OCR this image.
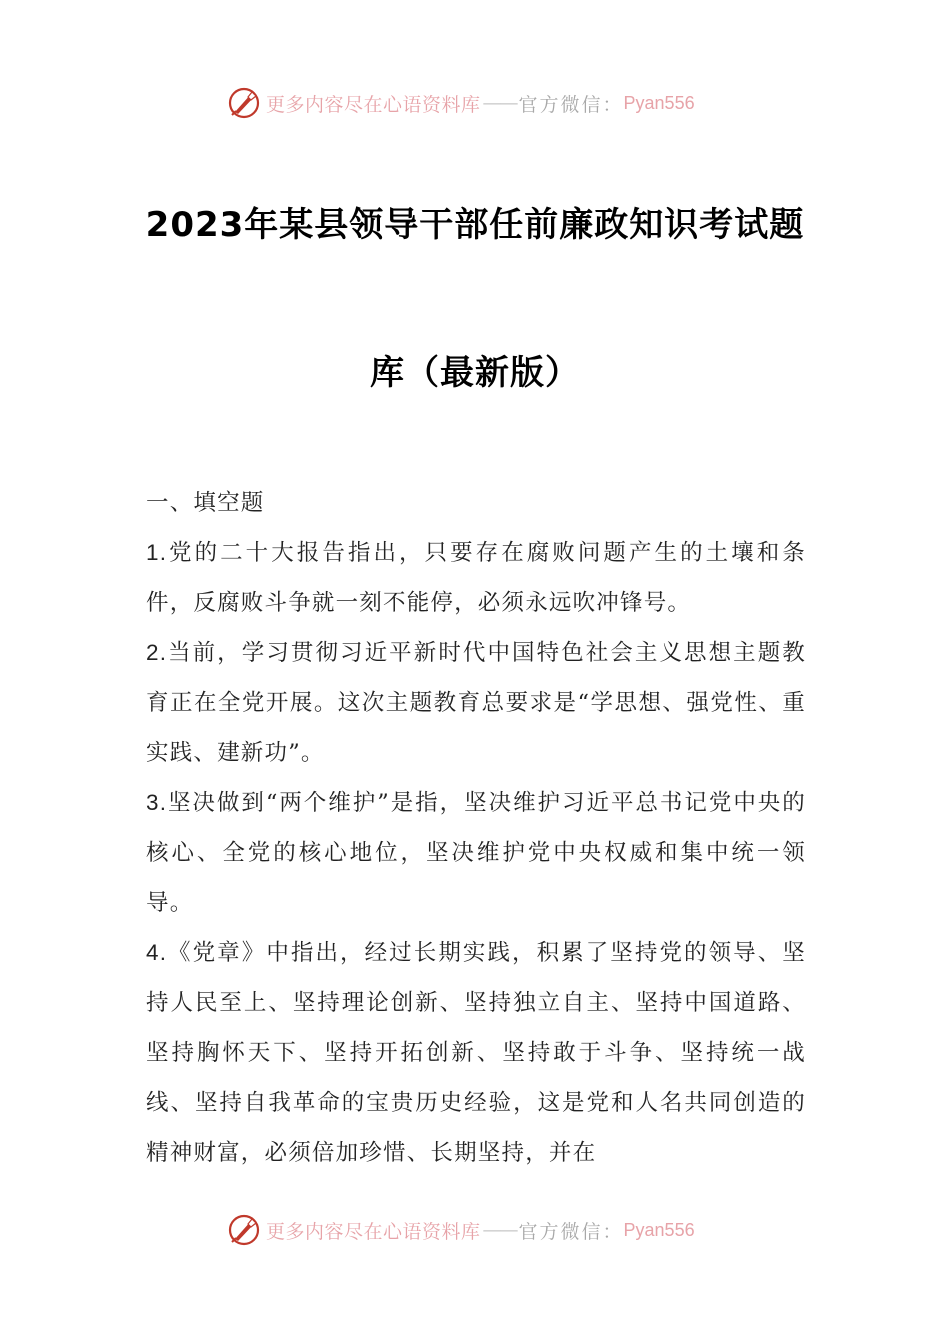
更多内容尽在心语资料库 —— 官方微信： Pyan556
2023年某县领导干部任前廉政知识考试题
库（最新版）

一、填空题

1.党的二十大报告指出，只要存在腐败问题产生的土壤和条件，反腐败斗争就一刻不能停，必须永远吹冲锋号。

2.当前，学习贯彻习近平新时代中国特色社会主义思想主题教育正在全党开展。这次主题教育总要求是“学思想、强党性、重实践、建新功”。

3.坚决做到“两个维护”是指，坚决维护习近平总书记党中央的核心、全党的核心地位，坚决维护党中央权威和集中统一领导。

4.《党章》中指出，经过长期实践，积累了坚持党的领导、坚持人民至上、坚持理论创新、坚持独立自主、坚持中国道路、坚持胸怀天下、坚持开拓创新、坚持敢于斗争、坚持统一战线、坚持自我革命的宝贵历史经验，这是党和人名共同创造的精神财富，必须倍加珍惜、长期坚持，并在

更多内容尽在心语资料库 —— 官方微信： Pyan556
